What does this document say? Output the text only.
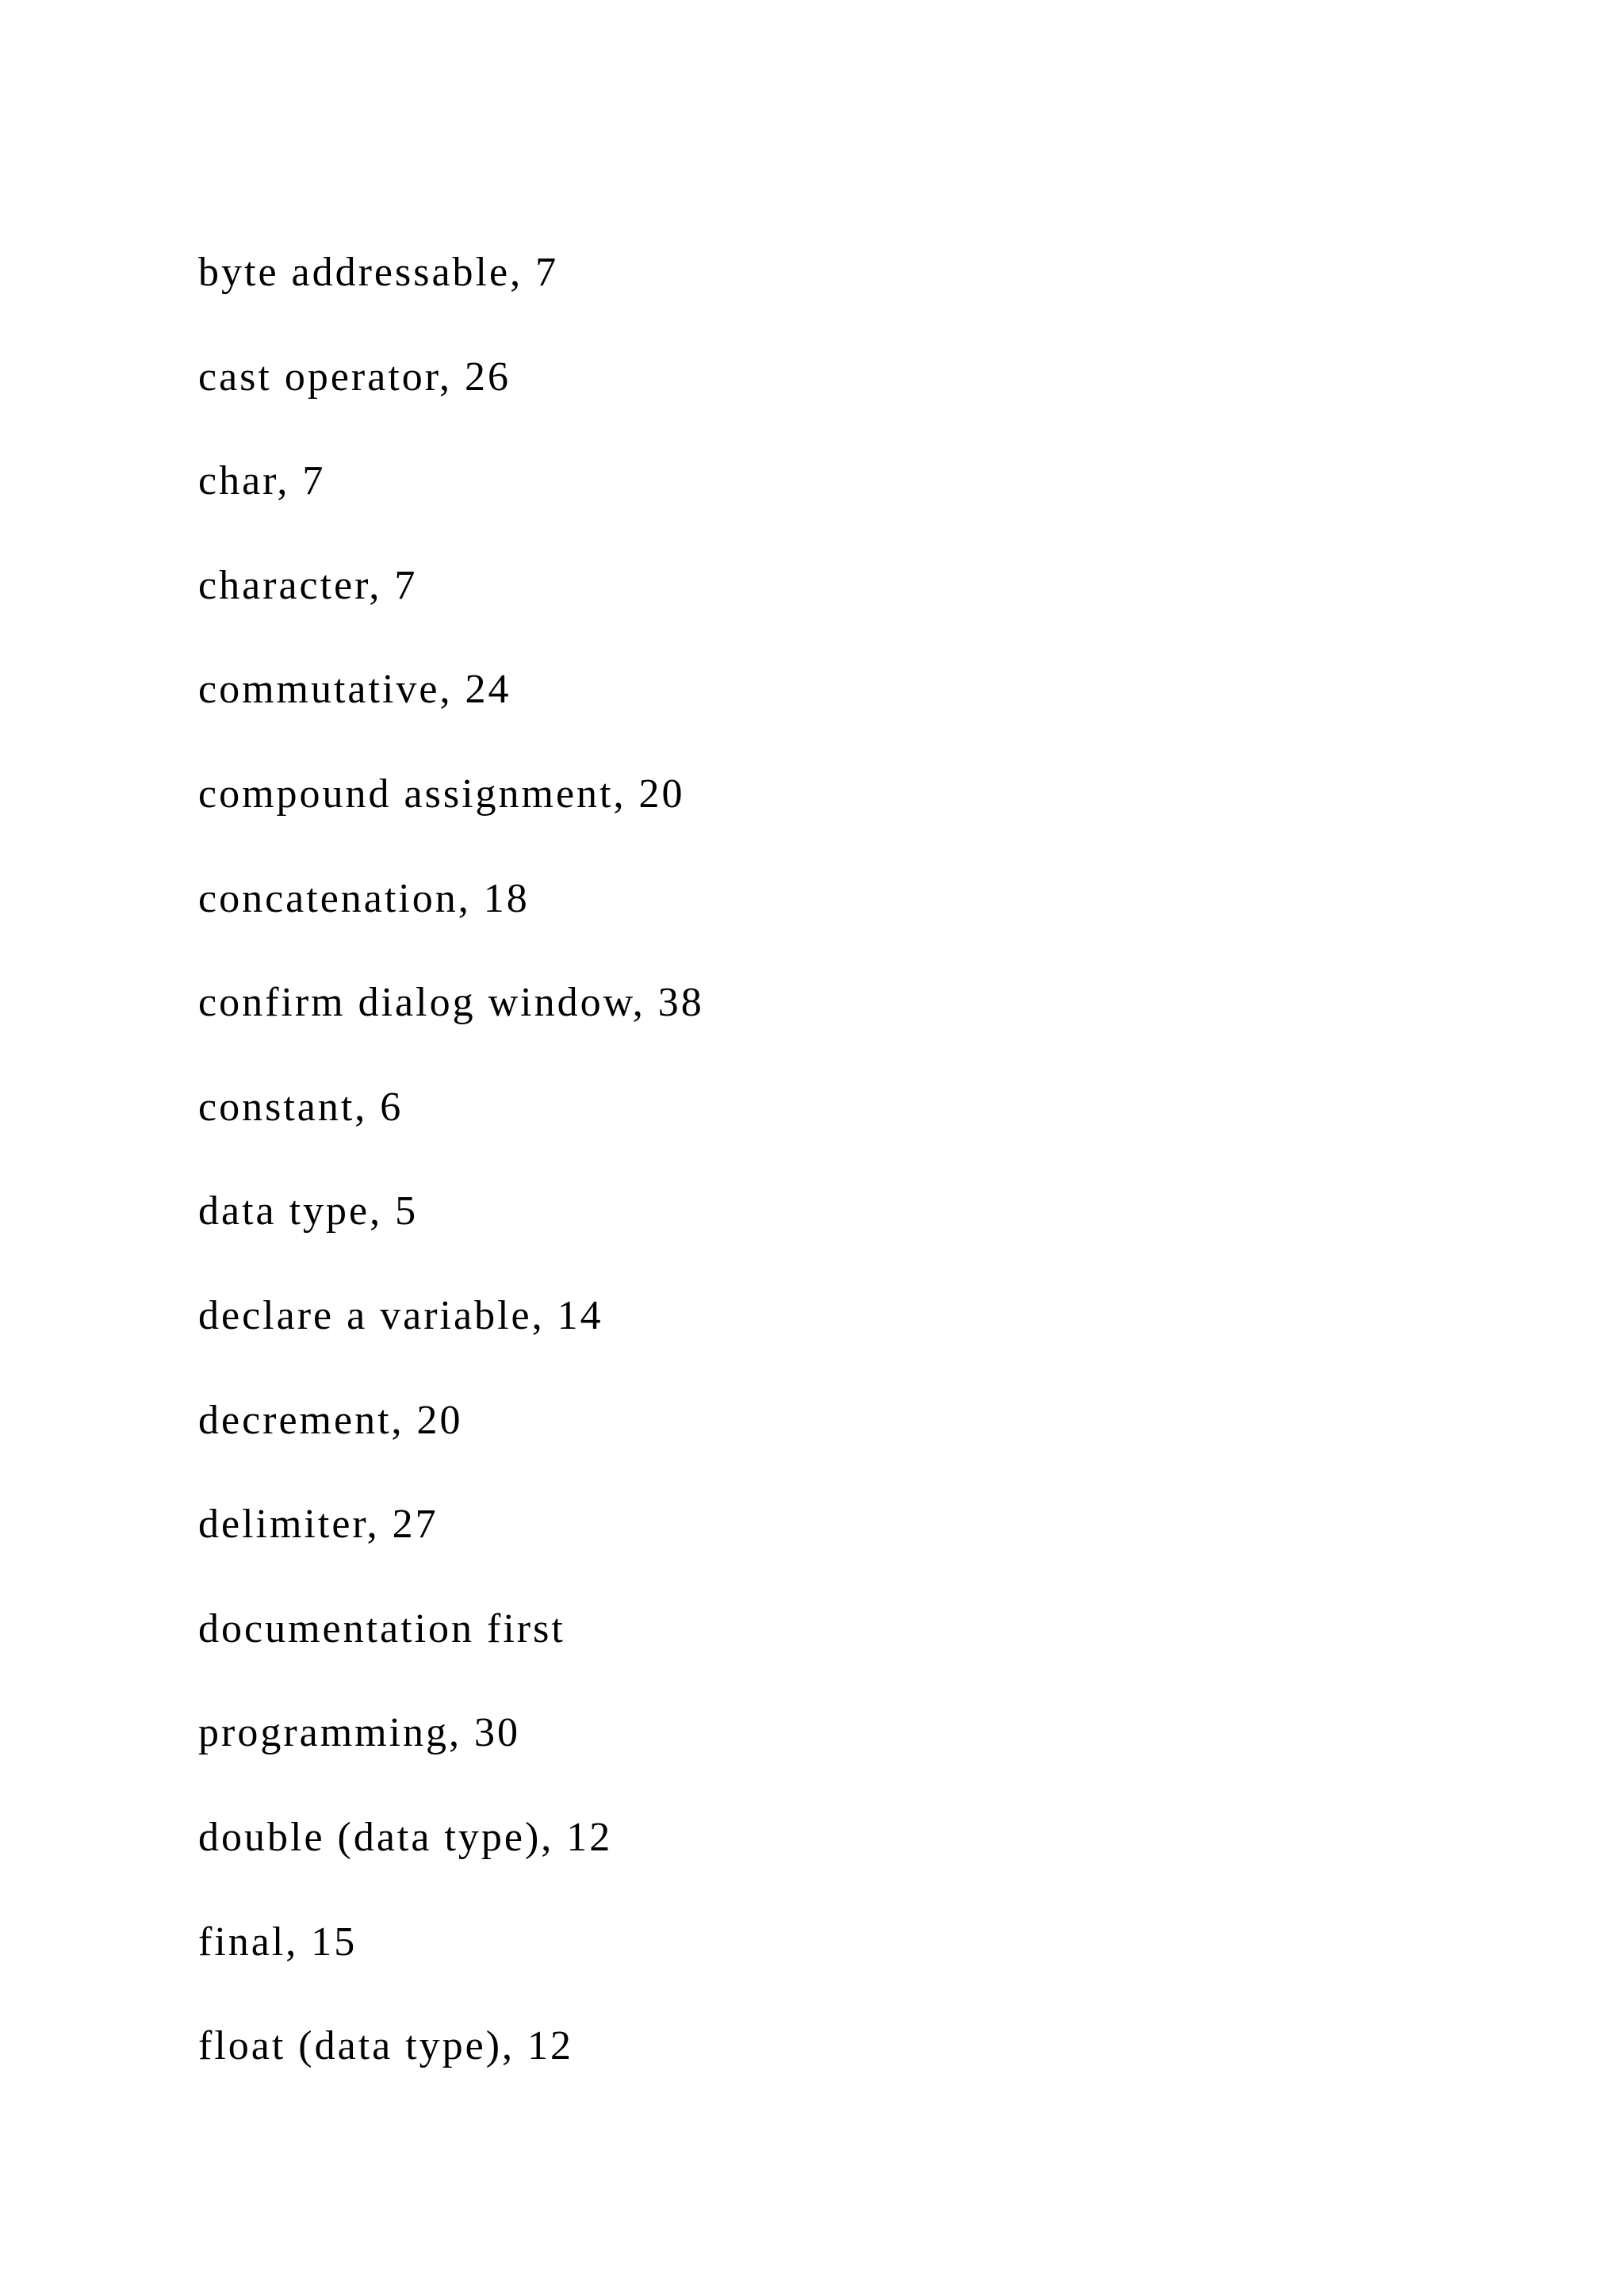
byte addressable, 7
cast operator, 26
char, 7
character, 7
commutative, 24
compound assignment, 20
concatenation, 18
confirm dialog window, 38
constant, 6
data type, 5
declare a variable, 14
decrement, 20
delimiter, 27
documentation first
programming, 30
double (data type), 12
final, 15
float (data type), 12
